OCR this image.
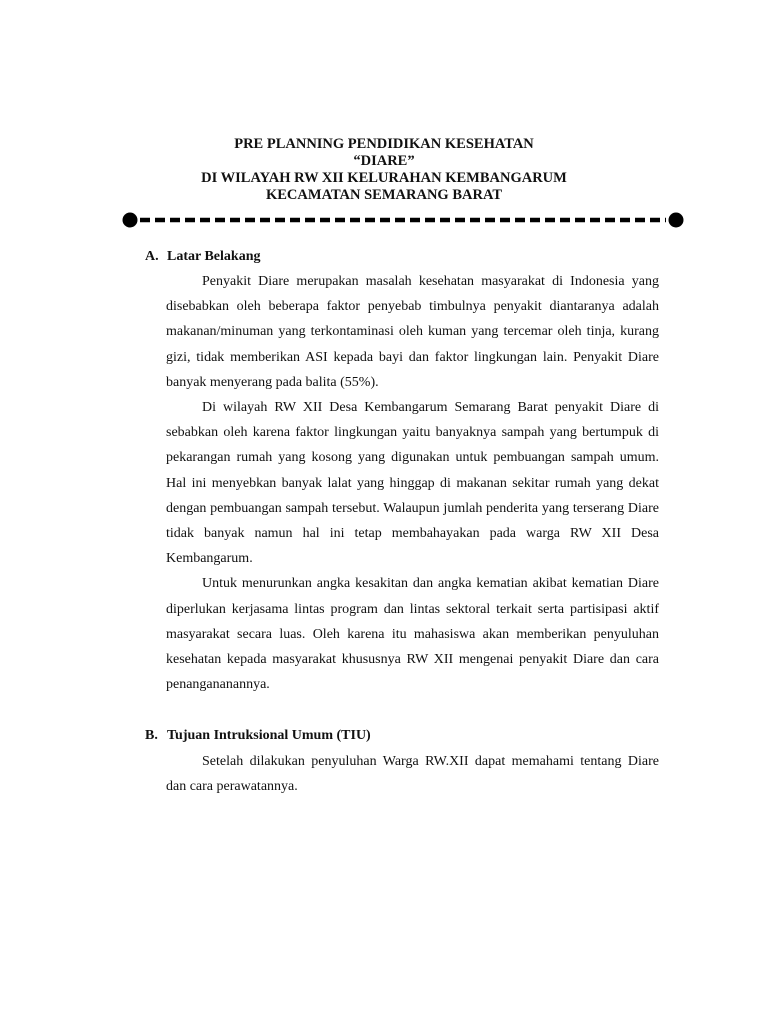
PRE PLANNING PENDIDIKAN KESEHATAN
“DIARE”
DI WILAYAH RW XII KELURAHAN KEMBANGARUM
KECAMATAN SEMARANG BARAT
A. Latar Belakang

Penyakit Diare merupakan masalah kesehatan masyarakat di Indonesia yang disebabkan oleh beberapa faktor penyebab timbulnya penyakit diantaranya adalah makanan/minuman yang terkontaminasi oleh kuman yang tercemar oleh tinja, kurang gizi, tidak memberikan ASI kepada bayi dan faktor lingkungan lain. Penyakit Diare banyak menyerang pada balita (55%).

Di wilayah RW XII Desa Kembangarum Semarang Barat penyakit Diare di sebabkan oleh karena faktor lingkungan yaitu banyaknya sampah yang bertumpuk di pekarangan rumah yang kosong yang digunakan untuk pembuangan sampah umum. Hal ini menyebkan banyak lalat yang hinggap di makanan sekitar rumah yang dekat dengan pembuangan sampah tersebut. Walaupun jumlah penderita yang terserang Diare tidak banyak namun hal ini tetap membahayakan pada warga RW XII Desa Kembangarum.

Untuk menurunkan angka kesakitan dan angka kematian akibat kematian Diare diperlukan kerjasama lintas program dan lintas sektoral terkait serta partisipasi aktif masyarakat secara luas. Oleh karena itu mahasiswa akan memberikan penyuluhan kesehatan kepada masyarakat khususnya RW XII mengenai penyakit Diare dan cara penangananannya.

B. Tujuan Intruksional Umum (TIU)

Setelah dilakukan penyuluhan Warga RW.XII dapat memahami tentang Diare dan cara perawatannya.
